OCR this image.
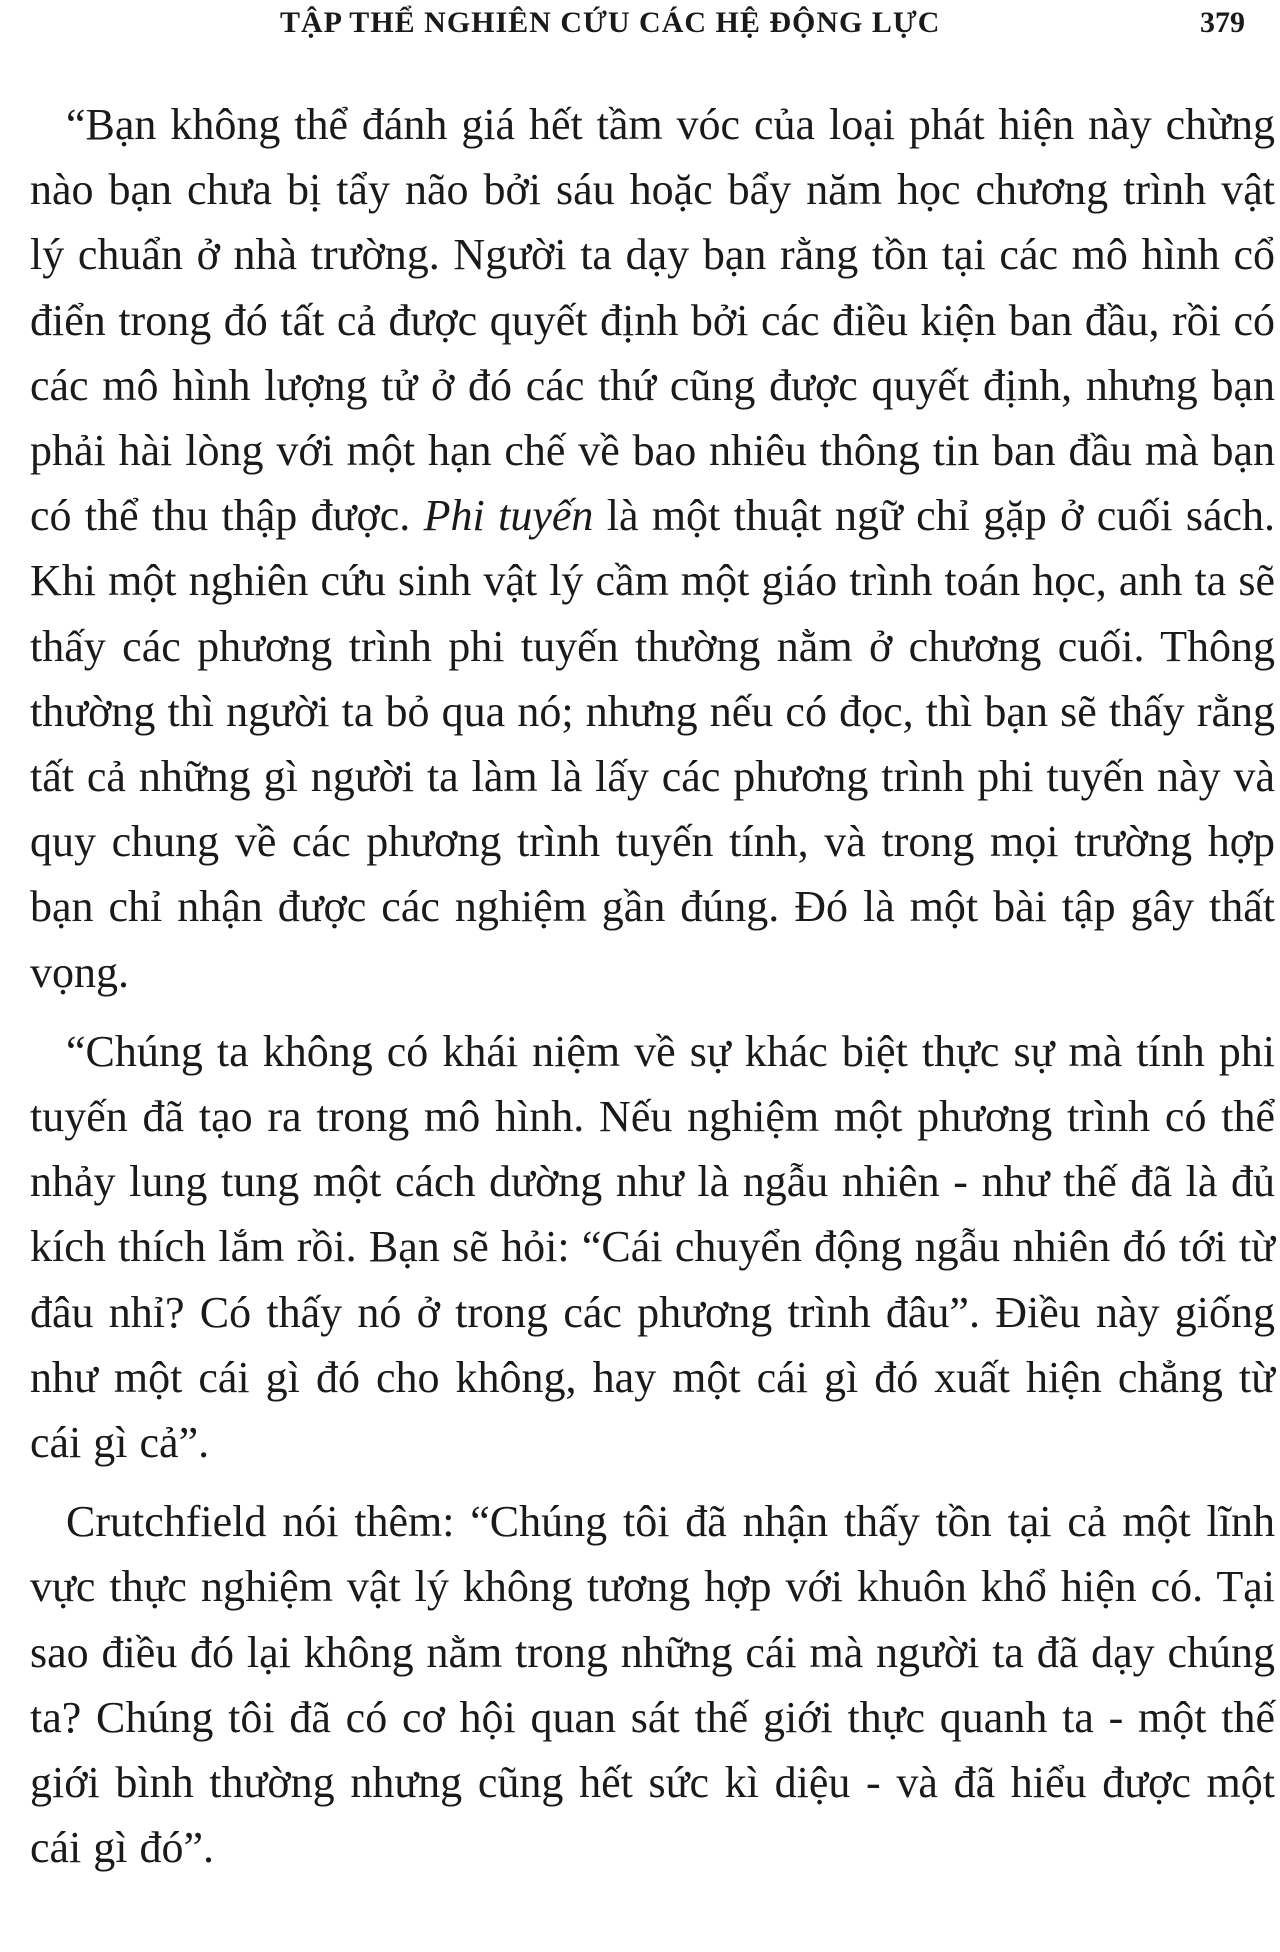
TẬP THỂ NGHIÊN CỨU CÁC HỆ ĐỘNG LỰC	379

“Bạn không thể đánh giá hết tầm vóc của loại phát hiện này chừng nào bạn chưa bị tẩy não bởi sáu hoặc bẩy năm học chương trình vật lý chuẩn ở nhà trường. Người ta dạy bạn rằng tồn tại các mô hình cổ điển trong đó tất cả được quyết định bởi các điều kiện ban đầu, rồi có các mô hình lượng tử ở đó các thứ cũng được quyết định, nhưng bạn phải hài lòng với một hạn chế về bao nhiêu thông tin ban đầu mà bạn có thể thu thập được. Phi tuyến là một thuật ngữ chỉ gặp ở cuối sách. Khi một nghiên cứu sinh vật lý cầm một giáo trình toán học, anh ta sẽ thấy các phương trình phi tuyến thường nằm ở chương cuối. Thông thường thì người ta bỏ qua nó; nhưng nếu có đọc, thì bạn sẽ thấy rằng tất cả những gì người ta làm là lấy các phương trình phi tuyến này và quy chung về các phương trình tuyến tính, và trong mọi trường hợp bạn chỉ nhận được các nghiệm gần đúng. Đó là một bài tập gây thất vọng.

“Chúng ta không có khái niệm về sự khác biệt thực sự mà tính phi tuyến đã tạo ra trong mô hình. Nếu nghiệm một phương trình có thể nhảy lung tung một cách dường như là ngẫu nhiên - như thế đã là đủ kích thích lắm rồi. Bạn sẽ hỏi: “Cái chuyển động ngẫu nhiên đó tới từ đâu nhỉ? Có thấy nó ở trong các phương trình đâu”. Điều này giống như một cái gì đó cho không, hay một cái gì đó xuất hiện chẳng từ cái gì cả”.

Crutchfield nói thêm: “Chúng tôi đã nhận thấy tồn tại cả một lĩnh vực thực nghiệm vật lý không tương hợp với khuôn khổ hiện có. Tại sao điều đó lại không nằm trong những cái mà người ta đã dạy chúng ta? Chúng tôi đã có cơ hội quan sát thế giới thực quanh ta - một thế giới bình thường nhưng cũng hết sức kì diệu - và đã hiểu được một cái gì đó”.
